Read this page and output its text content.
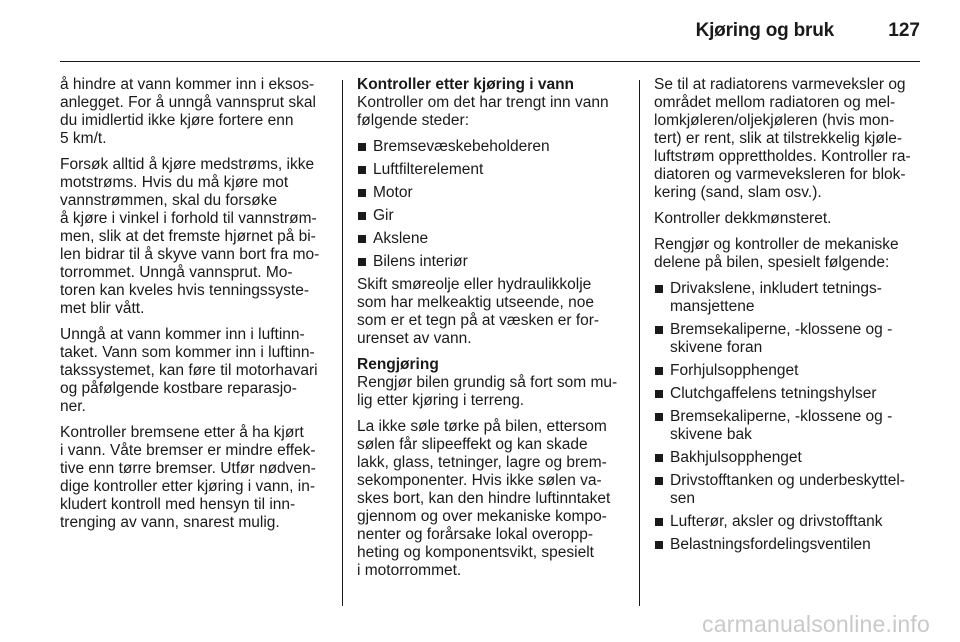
Kjøring og bruk	127

å hindre at vann kommer inn i eksos-
anlegget. For å unngå vannsprut skal
du imidlertid ikke kjøre fortere enn
5 km/t.

Forsøk alltid å kjøre medstrøms, ikke
motstrøms. Hvis du må kjøre mot
vannstrømmen, skal du forsøke
å kjøre i vinkel i forhold til vannstrøm-
men, slik at det fremste hjørnet på bi-
len bidrar til å skyve vann bort fra mo-
torrommet. Unngå vannsprut. Mo-
toren kan kveles hvis tenningssyste-
met blir vått.

Unngå at vann kommer inn i luftinn-
taket. Vann som kommer inn i luftinn-
takssystemet, kan føre til motorhavari
og påfølgende kostbare reparasjo-
ner.

Kontroller bremsene etter å ha kjørt
i vann. Våte bremser er mindre effek-
tive enn tørre bremser. Utfør nødven-
dige kontroller etter kjøring i vann, in-
kludert kontroll med hensyn til inn-
trenging av vann, snarest mulig.

Kontroller etter kjøring i vann

Kontroller om det har trengt inn vann
følgende steder:

Bremsevæskebeholderen
Luftfilterelement
Motor
Gir
Akslene
Bilens interiør

Skift smøreolje eller hydraulikkolje
som har melkeaktig utseende, noe
som er et tegn på at væsken er for-
urenset av vann.

Rengjøring

Rengjør bilen grundig så fort som mu-
lig etter kjøring i terreng.

La ikke søle tørke på bilen, ettersom
sølen får slipeeffekt og kan skade
lakk, glass, tetninger, lagre og brem-
sekomponenter. Hvis ikke sølen va-
skes bort, kan den hindre luftinntaket
gjennom og over mekaniske kompo-
nenter og forårsake lokal overopp-
heting og komponentsvikt, spesielt
i motorrommet.

Se til at radiatorens varmeveksler og
området mellom radiatoren og mel-
lomkjøleren/oljekjøleren (hvis mon-
tert) er rent, slik at tilstrekkelig kjøle-
luftstrøm opprettholdes. Kontroller ra-
diatoren og varmeveksleren for blok-
kering (sand, slam osv.).

Kontroller dekkmønsteret.

Rengjør og kontroller de mekaniske
delene på bilen, spesielt følgende:

Drivakslene, inkludert tetnings-
mansjettene
Bremsekaliperne, -klossene og -
skivene foran
Forhjulsopphenget
Clutchgaffelens tetningshylser
Bremsekaliperne, -klossene og -
skivene bak
Bakhjulsopphenget
Drivstofftanken og underbeskyttel-
sen
Lufterør, aksler og drivstofftank
Belastningsfordelingsventilen
carmanualsonline.info
